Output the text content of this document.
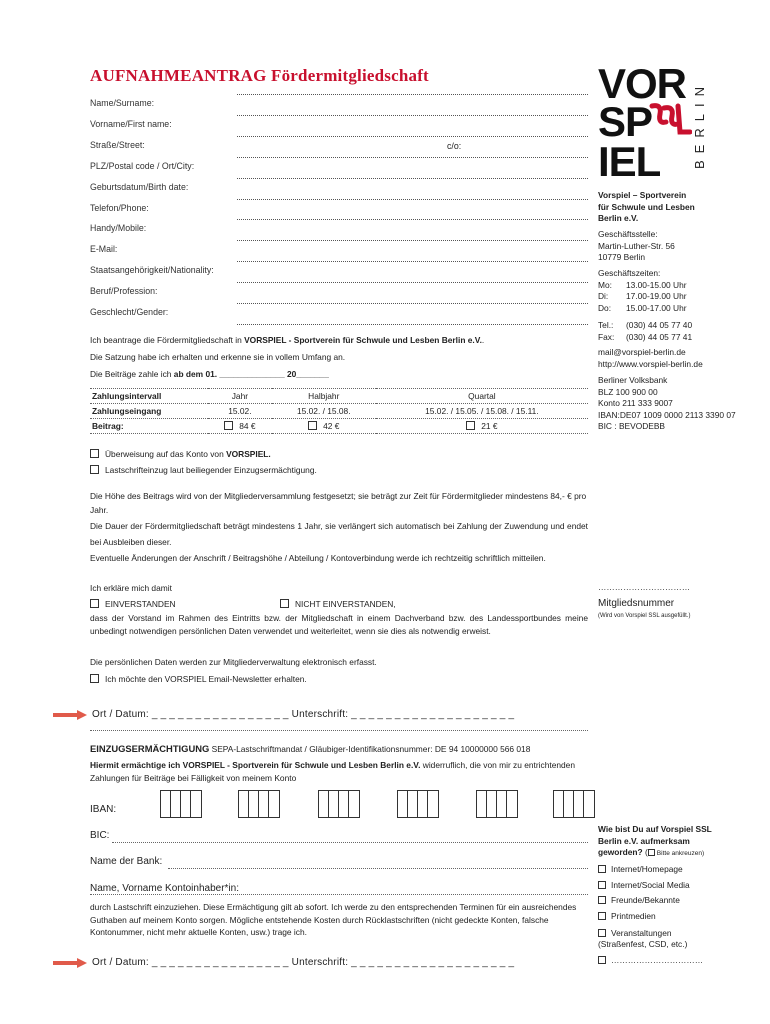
AUFNAHMEANTRAG Fördermitgliedschaft
Name/Surname:
Vorname/First name:
Straße/Street:
PLZ/Postal code / Ort/City:
Geburtsdatum/Birth date:
Telefon/Phone:
Handy/Mobile:
E-Mail:
Staatsangehörigkeit/Nationality:
Beruf/Profession:
Geschlecht/Gender:
c/o:
Ich beantrage die Fördermitgliedschaft in VORSPIEL - Sportverein für Schwule und Lesben Berlin e.V..
Die Satzung habe ich erhalten und erkenne sie in vollem Umfang an.
Die Beiträge zahle ich ab dem 01. ______________ 20_______
Zahlungsintervall	Jahr	Halbjahr	Quartal
Zahlungseingang	15.02.	15.02. / 15.08.	15.02. / 15.05. / 15.08. / 15.11.
Beitrag:	84 €	42 €	21 €
Überweisung auf das Konto von VORSPIEL.
Lastschrifteinzug laut beiliegender Einzugsermächtigung.
Die Höhe des Beitrags wird von der Mitgliederversammlung festgesetzt; sie beträgt zur Zeit für Fördermitglieder mindestens 84,- € pro Jahr.
Die Dauer der Fördermitgliedschaft beträgt mindestens 1 Jahr, sie verlängert sich automatisch bei Zahlung der Zuwendung und endet bei Ausbleiben dieser.
Eventuelle Änderungen der Anschrift / Beitragshöhe / Abteilung / Kontoverbindung werde ich rechtzeitig schriftlich mitteilen.
Ich erkläre mich damit
EINVERSTANDEN	NICHT EINVERSTANDEN,
dass der Vorstand im Rahmen des Eintritts bzw. der Mitgliedschaft in einem Dachverband bzw. des Landessportbundes meine unbedingt notwendigen persönlichen Daten verwendet und weiterleitet, wenn sie dies als notwendig erweist.
Die persönlichen Daten werden zur Mitgliederverwaltung elektronisch erfasst.
Ich möchte den VORSPIEL Email-Newsletter erhalten.
Ort / Datum: _ _ _ _ _ _ _ _ _ _ _ _ _ _ _ _ Unterschrift: _ _ _ _ _ _ _ _ _ _ _ _ _ _ _ _ _ _ _
EINZUGSERMÄCHTIGUNG SEPA-Lastschriftmandat / Gläubiger-Identifikationsnummer: DE 94 10000000 566 018
Hiermit ermächtige ich VORSPIEL - Sportverein für Schwule und Lesben Berlin e.V. widerruflich, die von mir zu entrichtenden Zahlungen für Beiträge bei Fälligkeit von meinem Konto
IBAN:
BIC:
Name der Bank:
Name, Vorname Kontoinhaber*in:
durch Lastschrift einzuziehen. Diese Ermächtigung gilt ab sofort. Ich werde zu den entsprechenden Terminen für ein ausreichendes Guthaben auf meinem Konto sorgen. Mögliche entstehende Kosten durch Rücklastschriften (nicht gedeckte Konten, falsche Kontonummer, nicht mehr aktuelle Konten, usw.) trage ich.
Ort / Datum: _ _ _ _ _ _ _ _ _ _ _ _ _ _ _ _ Unterschrift: _ _ _ _ _ _ _ _ _ _ _ _ _ _ _ _ _ _ _
VOR
SP
IEL BERLIN
Vorspiel – Sportverein
für Schwule und Lesben
Berlin e.V.
Geschäftsstelle:
Martin-Luther-Str. 56
10779 Berlin
Geschäftszeiten:
Mo: 13.00-15.00 Uhr
Di: 17.00-19.00 Uhr
Do: 15.00-17.00 Uhr
Tel.: (030) 44 05 77 40
Fax: (030) 44 05 77 41
mail@vorspiel-berlin.de
http://www.vorspiel-berlin.de
Berliner Volksbank
BLZ 100 900 00
Konto 211 333 9007
IBAN:DE07 1009 0000 2113 3390 07
BIC : BEVODEBB
……………………………
Mitgliedsnummer
(Wird von Vorspiel SSL ausgefüllt.)
Wie bist Du auf Vorspiel SSL
Berlin e.V. aufmerksam
geworden? ( Bitte ankreuzen)
Internet/Homepage
Internet/Social Media
Freunde/Bekannte
Printmedien
Veranstaltungen
(Straßenfest, CSD, etc.)
……………………………
